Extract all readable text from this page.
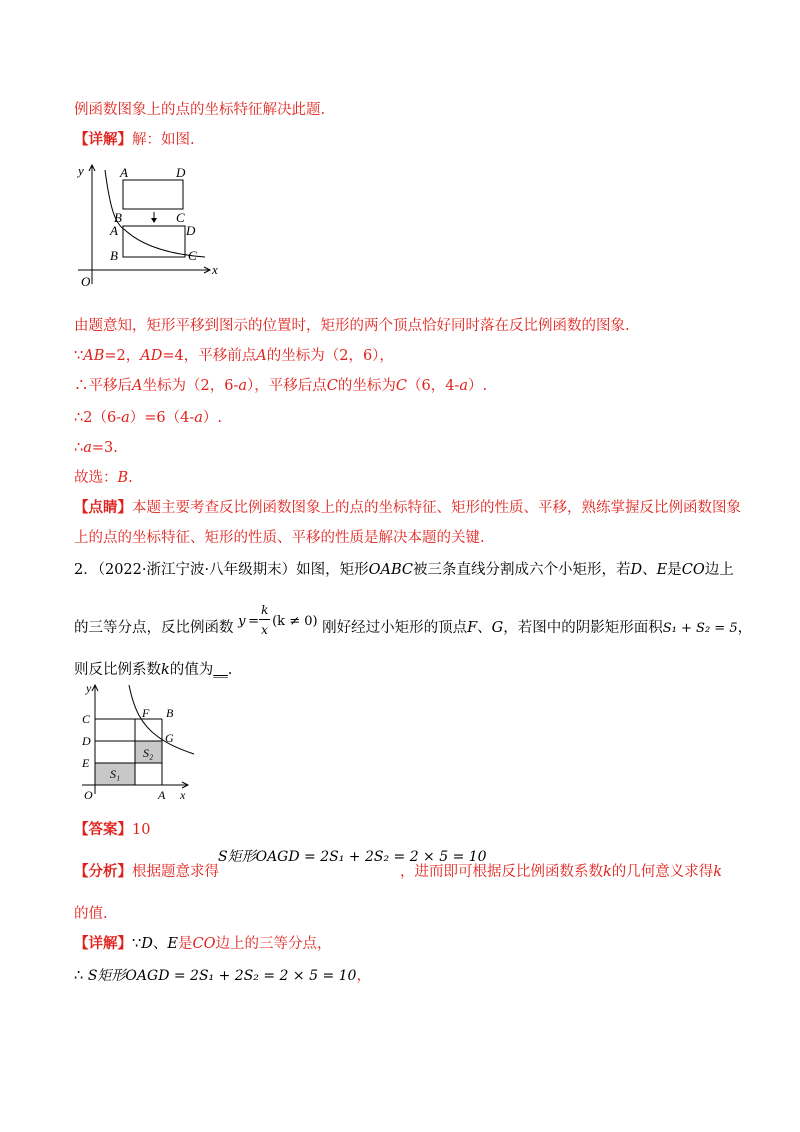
例函数图象上的点的坐标特征解决此题.
【详解】解：如图.
y	A	D
B	C
A	D
B	C
x
O
由题意知，矩形平移到图示的位置时，矩形的两个顶点恰好同时落在反比例函数的图象.
∵AB=2，AD=4，平移前点A的坐标为（2，6），
∴平移后A坐标为（2，6-a），平移后点C的坐标为C（6，4-a）.
∴2（6-a）=6（4-a）.
∴a=3.
故选：B.
【点睛】本题主要考查反比例函数图象上的点的坐标特征、矩形的性质、平移，熟练掌握反比例函数图象
上的点的坐标特征、矩形的性质、平移的性质是解决本题的关键.
2．（2022·浙江宁波·八年级期末）如图，矩形OABC被三条直线分割成六个小矩形，若D、E是CO边上
的三等分点，反比例函数 y =
k
x
(k ≠ 0) 刚好经过小矩形的顶点F、G，若图中的阴影矩形面积S₁ + S₂ = 5，
则反比例系数k的值为__.
y
C
D
E
O
F B
G
S₂
S₁
A x
【答案】10
【分析】根据题意求得
S矩形OAGD = 2S₁ + 2S₂ = 2 × 5 = 10
，进而即可根据反比例函数系数k的几何意义求得k
的值.
【详解】∵D、E是CO边上的三等分点，
∴ S矩形OAGD = 2S₁ + 2S₂ = 2 × 5 = 10，
